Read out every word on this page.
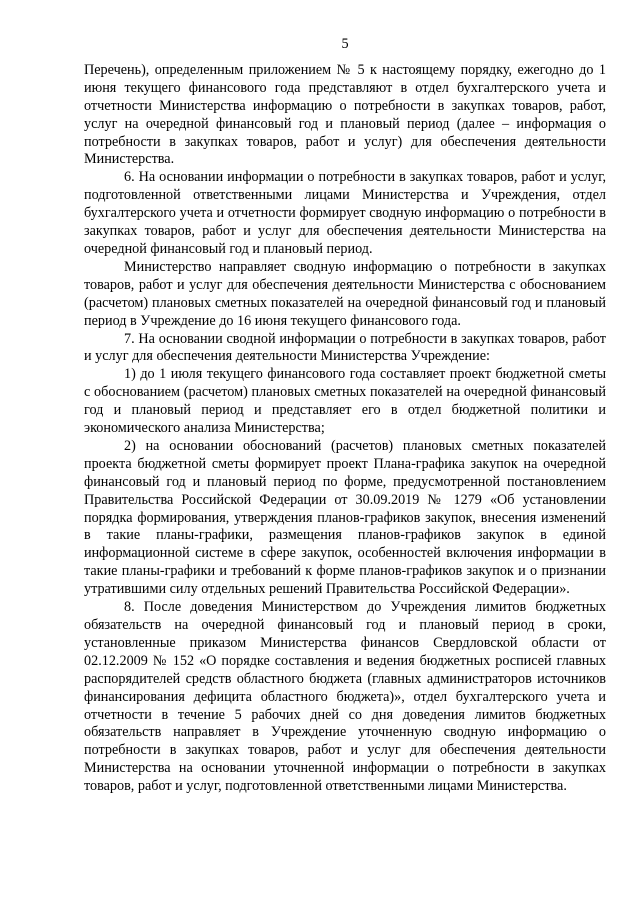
5

Перечень), определенным приложением № 5 к настоящему порядку, ежегодно до 1 июня текущего финансового года представляют в отдел бухгалтерского учета и отчетности Министерства информацию о потребности в закупках товаров, работ, услуг на очередной финансовый год и плановый период (далее – информация о потребности в закупках товаров, работ и услуг) для обеспечения деятельности Министерства.

6. На основании информации о потребности в закупках товаров, работ и услуг, подготовленной ответственными лицами Министерства и Учреждения, отдел бухгалтерского учета и отчетности формирует сводную информацию о потребности в закупках товаров, работ и услуг для обеспечения деятельности Министерства на очередной финансовый год и плановый период.

Министерство направляет сводную информацию о потребности в закупках товаров, работ и услуг для обеспечения деятельности Министерства с обоснованием (расчетом) плановых сметных показателей на очередной финансовый год и плановый период в Учреждение до 16 июня текущего финансового года.

7. На основании сводной информации о потребности в закупках товаров, работ и услуг для обеспечения деятельности Министерства Учреждение:

1) до 1 июля текущего финансового года составляет проект бюджетной сметы с обоснованием (расчетом) плановых сметных показателей на очередной финансовый год и плановый период и представляет его в отдел бюджетной политики и экономического анализа Министерства;

2) на основании обоснований (расчетов) плановых сметных показателей проекта бюджетной сметы формирует проект Плана-графика закупок на очередной финансовый год и плановый период по форме, предусмотренной постановлением Правительства Российской Федерации от 30.09.2019 № 1279 «Об установлении порядка формирования, утверждения планов-графиков закупок, внесения изменений в такие планы-графики, размещения планов-графиков закупок в единой информационной системе в сфере закупок, особенностей включения информации в такие планы-графики и требований к форме планов-графиков закупок и о признании утратившими силу отдельных решений Правительства Российской Федерации».

8. После доведения Министерством до Учреждения лимитов бюджетных обязательств на очередной финансовый год и плановый период в сроки, установленные приказом Министерства финансов Свердловской области от 02.12.2009 № 152 «О порядке составления и ведения бюджетных росписей главных распорядителей средств областного бюджета (главных администраторов источников финансирования дефицита областного бюджета)», отдел бухгалтерского учета и отчетности в течение 5 рабочих дней со дня доведения лимитов бюджетных обязательств направляет в Учреждение уточненную сводную информацию о потребности в закупках товаров, работ и услуг для обеспечения деятельности Министерства на основании уточненной информации о потребности в закупках товаров, работ и услуг, подготовленной ответственными лицами Министерства.
